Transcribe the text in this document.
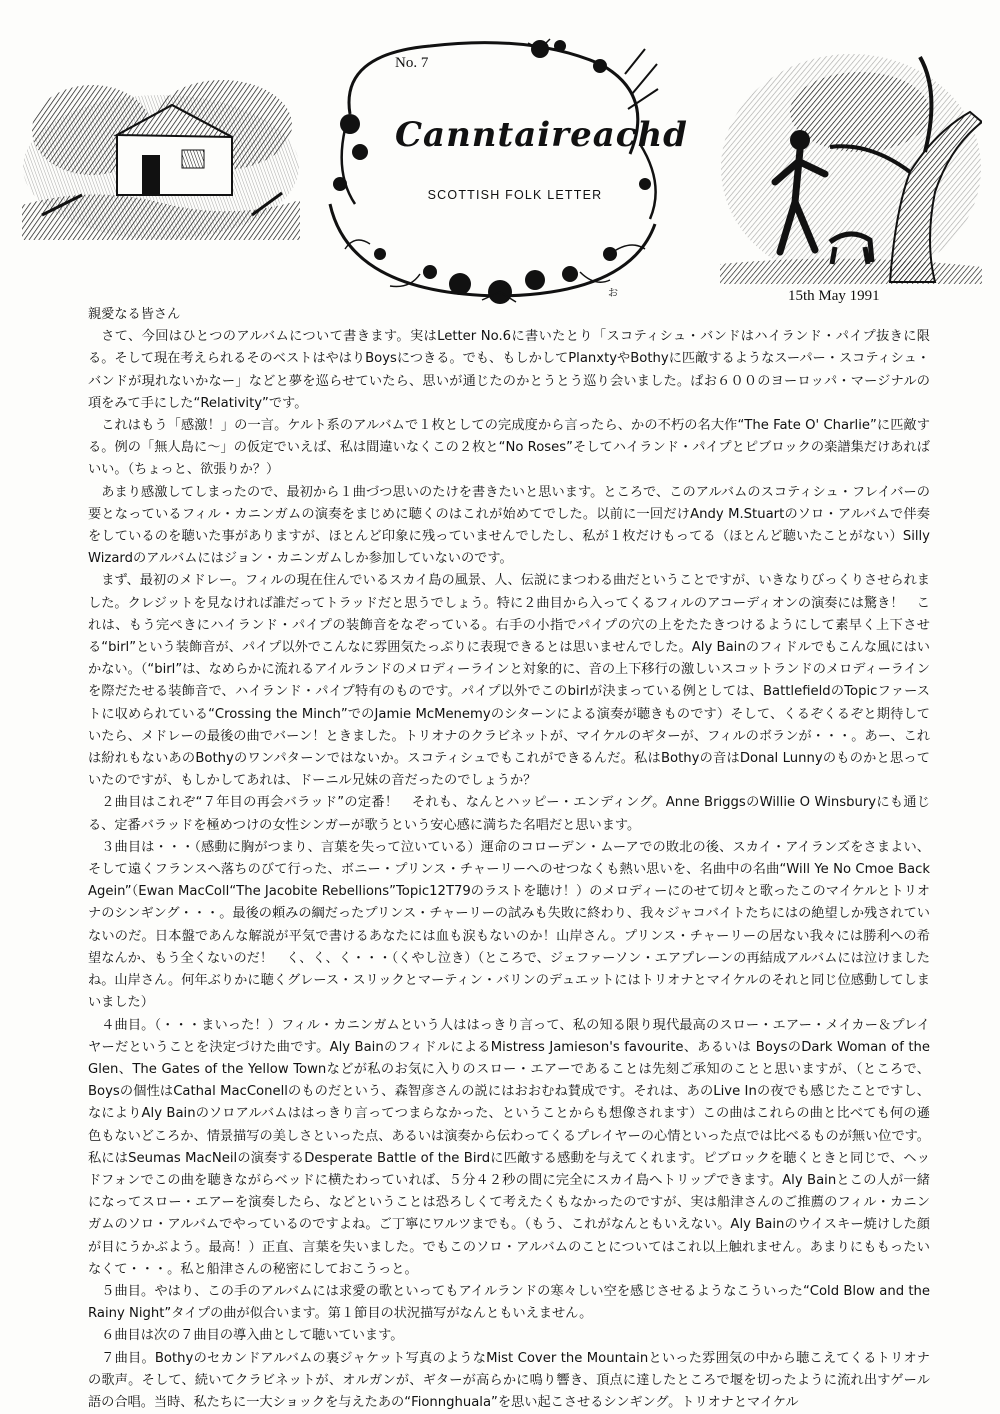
No. 7
Canntaireachd
SCOTTISH FOLK LETTER
お	15th May 1991

親愛なる皆さん

さて、今回はひとつのアルバムについて書きます。実はLetter No.6に書いたとり「スコティシュ・バンドはハイランド・パイプ抜きに限る。そして現在考えられるそのベストはやはりBoysにつきる。でも、もしかしてPlanxtyやBothyに匹敵するようなスーパー・スコティシュ・バンドが現れないかなー」などと夢を巡らせていたら、思いが通じたのかとうとう巡り会いました。ぱお６００のヨーロッパ・マージナルの項をみて手にした“Relativity”です。

これはもう「感激！」の一言。ケルト系のアルバムで１枚としての完成度から言ったら、かの不朽の名大作“The Fate O' Charlie”に匹敵する。例の「無人島に〜」の仮定でいえば、私は間違いなくこの２枚と“No Roses”そしてハイランド・パイプとピブロックの楽譜集だけあればいい。（ちょっと、欲張りか？）

あまり感激してしまったので、最初から１曲づつ思いのたけを書きたいと思います。ところで、このアルバムのスコティシュ・フレイバーの要となっているフィル・カニンガムの演奏をまじめに聴くのはこれが始めてでした。以前に一回だけAndy M.Stuartのソロ・アルバムで伴奏をしているのを聴いた事がありますが、ほとんど印象に残っていませんでしたし、私が１枚だけもってる（ほとんど聴いたことがない）Silly Wizardのアルバムにはジョン・カニンガムしか参加していないのです。

まず、最初のメドレー。フィルの現在住んでいるスカイ島の風景、人、伝説にまつわる曲だということですが、いきなりびっくりさせられました。クレジットを見なければ誰だってトラッドだと思うでしょう。特に２曲目から入ってくるフィルのアコーディオンの演奏には驚き！　これは、もう完ぺきにハイランド・パイプの装飾音をなぞっている。右手の小指でパイプの穴の上をたたきつけるようにして素早く上下させる“birl”という装飾音が、パイプ以外でこんなに雰囲気たっぷりに表現できるとは思いませんでした。Aly Bainのフィドルでもこんな風にはいかない。（“birl”は、なめらかに流れるアイルランドのメロディーラインと対象的に、音の上下移行の激しいスコットランドのメロディーラインを際だたせる装飾音で、ハイランド・パイプ特有のものです。パイプ以外でこのbirlが決まっている例としては、BattlefieldのTopicファーストに収められている“Crossing the Minch”でのJamie McMenemyのシターンによる演奏が聴きものです）そして、くるぞくるぞと期待していたら、メドレーの最後の曲でバーン！ときました。トリオナのクラビネットが、マイケルのギターが、フィルのボランが・・・。あー、これは紛れもないあのBothyのワンパターンではないか。スコティシュでもこれができるんだ。私はBothyの音はDonal Lunnyのものかと思っていたのですが、もしかしてあれは、ドーニル兄妹の音だったのでしょうか？

２曲目はこれぞ“７年目の再会バラッド”の定番！　それも、なんとハッピー・エンディング。Anne BriggsのWillie O Winsburyにも通じる、定番バラッドを極めつけの女性シンガーが歌うという安心感に満ちた名唱だと思います。

３曲目は・・・（感動に胸がつまり、言葉を失って泣いている）運命のコローデン・ムーアでの敗北の後、スカイ・アイランズをさまよい、そして遠くフランスへ落ちのびて行った、ボニー・プリンス・チャーリーへのせつなくも熱い思いを、名曲中の名曲“Will Ye No Cmoe Back Agein”（Ewan MacColl“The Jacobite Rebellions”Topic12T79のラストを聴け！）のメロディーにのせて切々と歌ったこのマイケルとトリオナのシンギング・・・。最後の頼みの綱だったプリンス・チャーリーの試みも失敗に終わり、我々ジャコバイトたちにはの絶望しか残されていないのだ。日本盤であんな解説が平気で書けるあなたには血も涙もないのか！山岸さん。プリンス・チャーリーの居ない我々には勝利への希望なんか、もう全くないのだ！　く、く、く・・・（くやし泣き）（ところで、ジェファーソン・エアプレーンの再結成アルバムには泣けましたね。山岸さん。何年ぶりかに聴くグレース・スリックとマーティン・バリンのデュエットにはトリオナとマイケルのそれと同じ位感動してしまいました）

４曲目。（・・・まいった！）フィル・カニンガムという人ははっきり言って、私の知る限り現代最高のスロー・エアー・メイカー＆プレイヤーだということを決定づけた曲です。Aly BainのフィドルによるMistress Jamieson's favourite、あるいは BoysのDark Woman of the Glen、The Gates of the Yellow Townなどが私のお気に入りのスロー・エアーであることは先刻ご承知のことと思いますが、（ところで、Boysの個性はCathal MacConellのものだという、森智彦さんの説にはおおむね賛成です。それは、あのLive Inの夜でも感じたことですし、なによりAly Bainのソロアルバムははっきり言ってつまらなかった、ということからも想像されます）この曲はこれらの曲と比べても何の遜色もないどころか、情景描写の美しさといった点、あるいは演奏から伝わってくるプレイヤーの心情といった点では比べるものが無い位です。私にはSeumas MacNeilの演奏するDesperate Battle of the Birdに匹敵する感動を与えてくれます。ピブロックを聴くときと同じで、ヘッドフォンでこの曲を聴きながらベッドに横たわっていれば、５分４２秒の間に完全にスカイ島へトリップできます。Aly Bainとこの人が一緒になってスロー・エアーを演奏したら、などということは恐ろしくて考えたくもなかったのですが、実は船津さんのご推薦のフィル・カニンガムのソロ・アルバムでやっているのですよね。ご丁寧にワルツまでも。（もう、これがなんともいえない。Aly Bainのウイスキー焼けした顔が目にうかぶよう。最高！）正直、言葉を失いました。でもこのソロ・アルバムのことについてはこれ以上触れません。あまりにももったいなくて・・・。私と船津さんの秘密にしておこうっと。

５曲目。やはり、この手のアルバムには求愛の歌といってもアイルランドの寒々しい空を感じさせるようなこういった“Cold Blow and the Rainy Night”タイプの曲が似合います。第１節目の状況描写がなんともいえません。

６曲目は次の７曲目の導入曲として聴いています。

７曲目。Bothyのセカンドアルバムの裏ジャケット写真のようなMist Cover the Mountainといった雰囲気の中から聴こえてくるトリオナの歌声。そして、続いてクラビネットが、オルガンが、ギターが高らかに鳴り響き、頂点に達したところで堰を切ったように流れ出すゲール語の合唱。当時、私たちに一大ショックを与えたあの“Fionnghuala”を思い起こさせるシンギング。トリオナとマイケル
